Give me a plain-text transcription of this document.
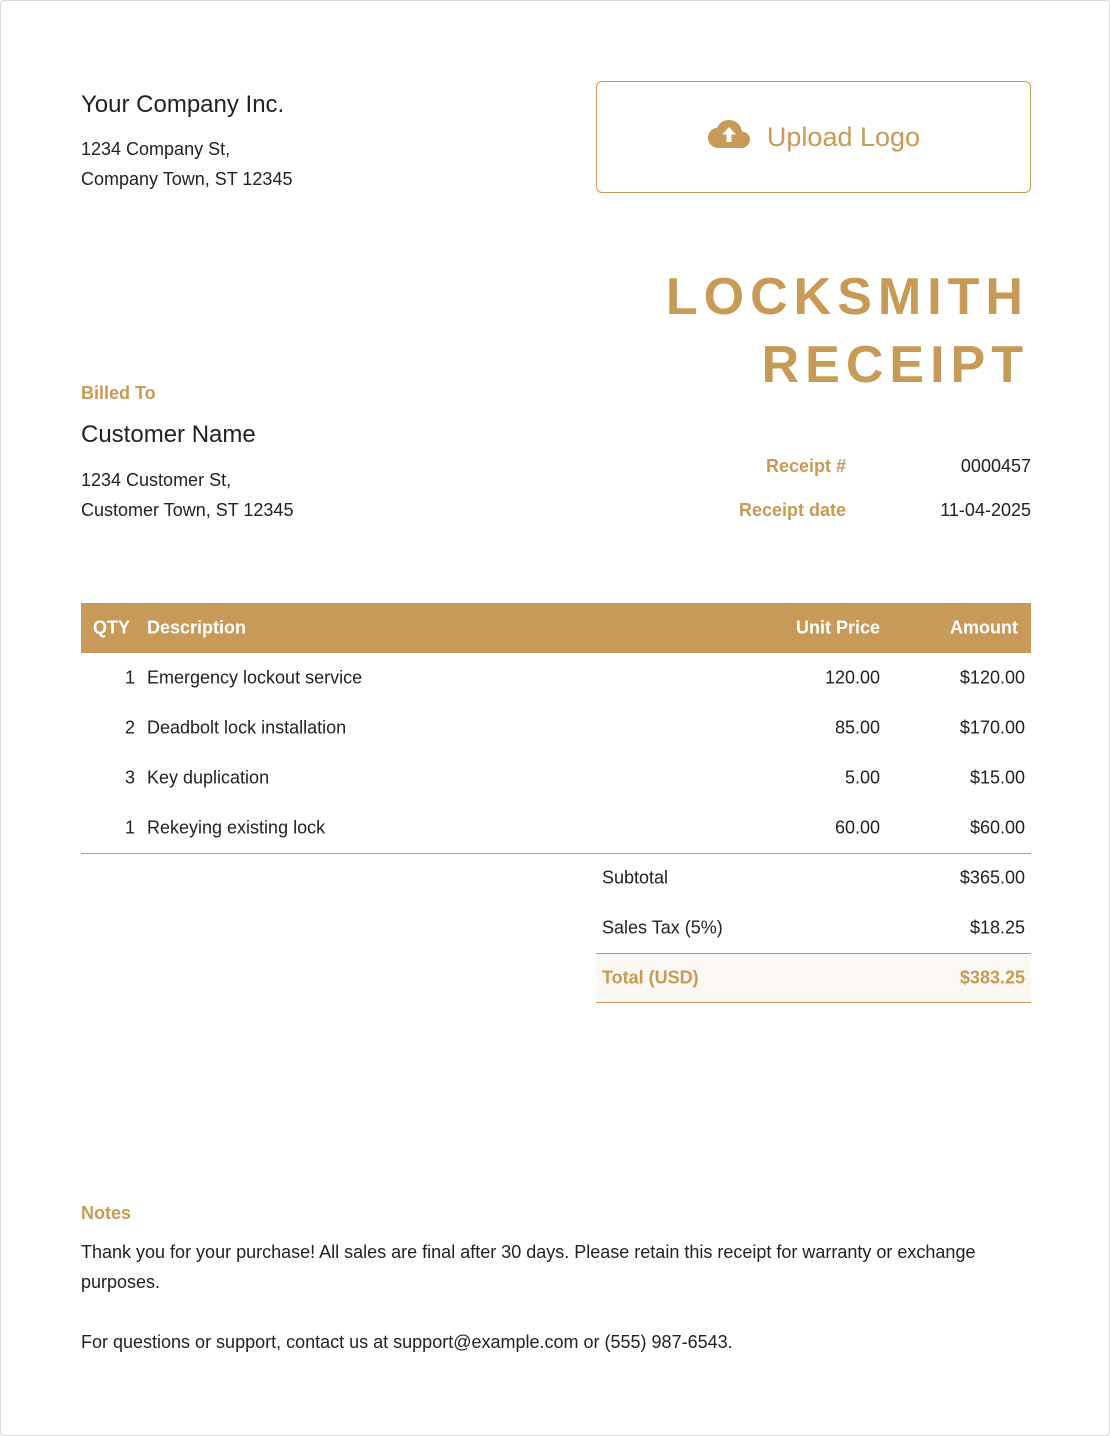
Your Company Inc.
1234 Company St,
Company Town, ST 12345
Upload Logo
LOCKSMITH
RECEIPT
Billed To
Customer Name
1234 Customer St,
Customer Town, ST 12345
Receipt #	0000457
Receipt date	11-04-2025
QTY Description	Unit Price	Amount
1 Emergency lockout service	120.00	$120.00
2 Deadbolt lock installation	85.00	$170.00
3 Key duplication	5.00	$15.00
1 Rekeying existing lock	60.00	$60.00
Subtotal	$365.00
Sales Tax (5%)	$18.25
Total (USD)	$383.25
Notes
Thank you for your purchase! All sales are final after 30 days. Please retain this receipt for warranty or exchange purposes.
For questions or support, contact us at support@example.com or (555) 987-6543.
